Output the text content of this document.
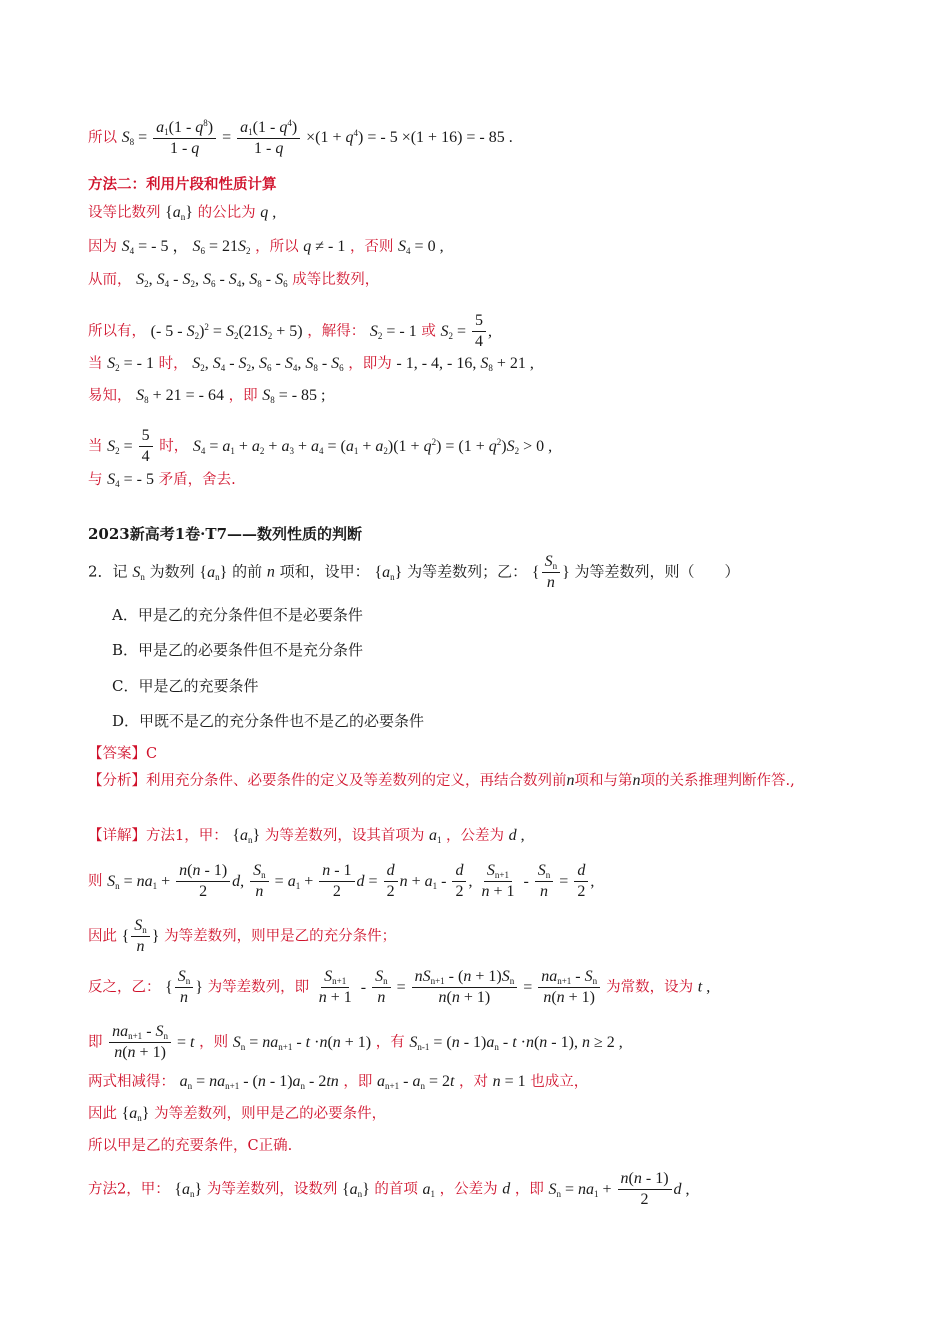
所以 $S_8 = \frac{a_1(1 - q^8)}{1 - q} = \frac{a_1(1 - q^4)}{1 - q} \times(1 + q^4)$ = - 5 ×(1 + 16) = - 85 .
方法二：利用片段和性质计算
设等比数列 $\{a_n\}$ 的公比为 q ,
因为 $S_4$ = - 5 ， $S_6 = 21S_2$ ，所以 q ≠ - 1 ，否则 $S_4 = 0$ ,
从而， $S_2$, $S_4 - S_2$, $S_6 - S_4$, $S_8 - S_6$ 成等比数列，
所以有， (- $5 - S_2)^2 = S_2(21S_2 + 5)$ ，解得： $S_2$ = - 1 或 $S_2 = \frac{5}{4}$ ,
当 $S_2$ = - 1 时， $S_2$, $S_4 - S_2$, $S_6 - S_4$, $S_8 - S_6$ ，即为 - 1, - 4, - 16, $S_8 + 21$ ,
易知， $S_8 + 21$ = - 64 ，即 $S_8$ = - 85 ;
当 $S_2 = \frac{5}{4}$ 时， $S_4 = a_1 + a_2 + a_3 + a_4 = (a_1 + a_2)(1 + q^2) = (1 + q^2)S_2 > 0$ ,
与 $S_4$ = - 5 矛盾，舍去.
2023新高考1卷·T7——数列性质的判断
2．记 $S_n$ 为数列 $\{a_n\}$ 的前 n 项和，设甲： $\{a_n\}$ 为等差数列；乙： { $\frac{S_n}{n}$ } 为等差数列，则（　　）
A．甲是乙的充分条件但不是必要条件
B．甲是乙的必要条件但不是充分条件
C．甲是乙的充要条件
D．甲既不是乙的充分条件也不是乙的必要条件
【答案】C
【分析】利用充分条件、必要条件的定义及等差数列的定义，再结合数列前n项和与第n项的关系推理判断作答.,
【详解】方法1，甲： $\{a_n\}$ 为等差数列，设其首项为 $a_1$ ，公差为 d ,
则 $S_n = na_1 + \frac{n(n - 1)}{2} d$, $\frac{S_n}{n} = a_1 + \frac{n - 1}{2}$ $d = \frac{d}{2}$ $n + a_1 - \frac{d}{2}$ , $\frac{S_{n+1}}{n + 1} - \frac{S_n}{n} = \frac{d}{2}$ ,
因此 { $\frac{S_n}{n}$ } 为等差数列，则甲是乙的充分条件；
反之，乙： { $\frac{S_n}{n}$ } 为等差数列，即 $\frac{S_{n+1}}{n + 1} - \frac{S_n}{n} = \frac{nS_{n+1} - (n + 1)S_n}{n(n + 1)} = \frac{na_{n+1} - S_n}{n(n + 1)}$ 为常数，设为 t ,
即 $\frac{na_{n+1} - S_n}{n(n + 1)} = t$ ，则 $S_n = na_{n+1} - t \cdot n(n + 1)$ ，有 $S_{n-1} = (n - 1)a_n - t \cdot n(n - 1)$, n ≥ 2 ,
两式相减得： $a_n = na_{n+1} - (n - 1)a_n - 2tn$ ，即 $a_{n+1} - a_n = 2t$ ，对 n = 1 也成立，
因此 $\{a_n\}$ 为等差数列，则甲是乙的必要条件，
所以甲是乙的充要条件，C正确.
方法2，甲： $\{a_n\}$ 为等差数列，设数列 $\{a_n\}$ 的首项 $a_1$ ，公差为 d ，即 $S_n = na_1 + \frac{n(n - 1)}{2}$ d ,
